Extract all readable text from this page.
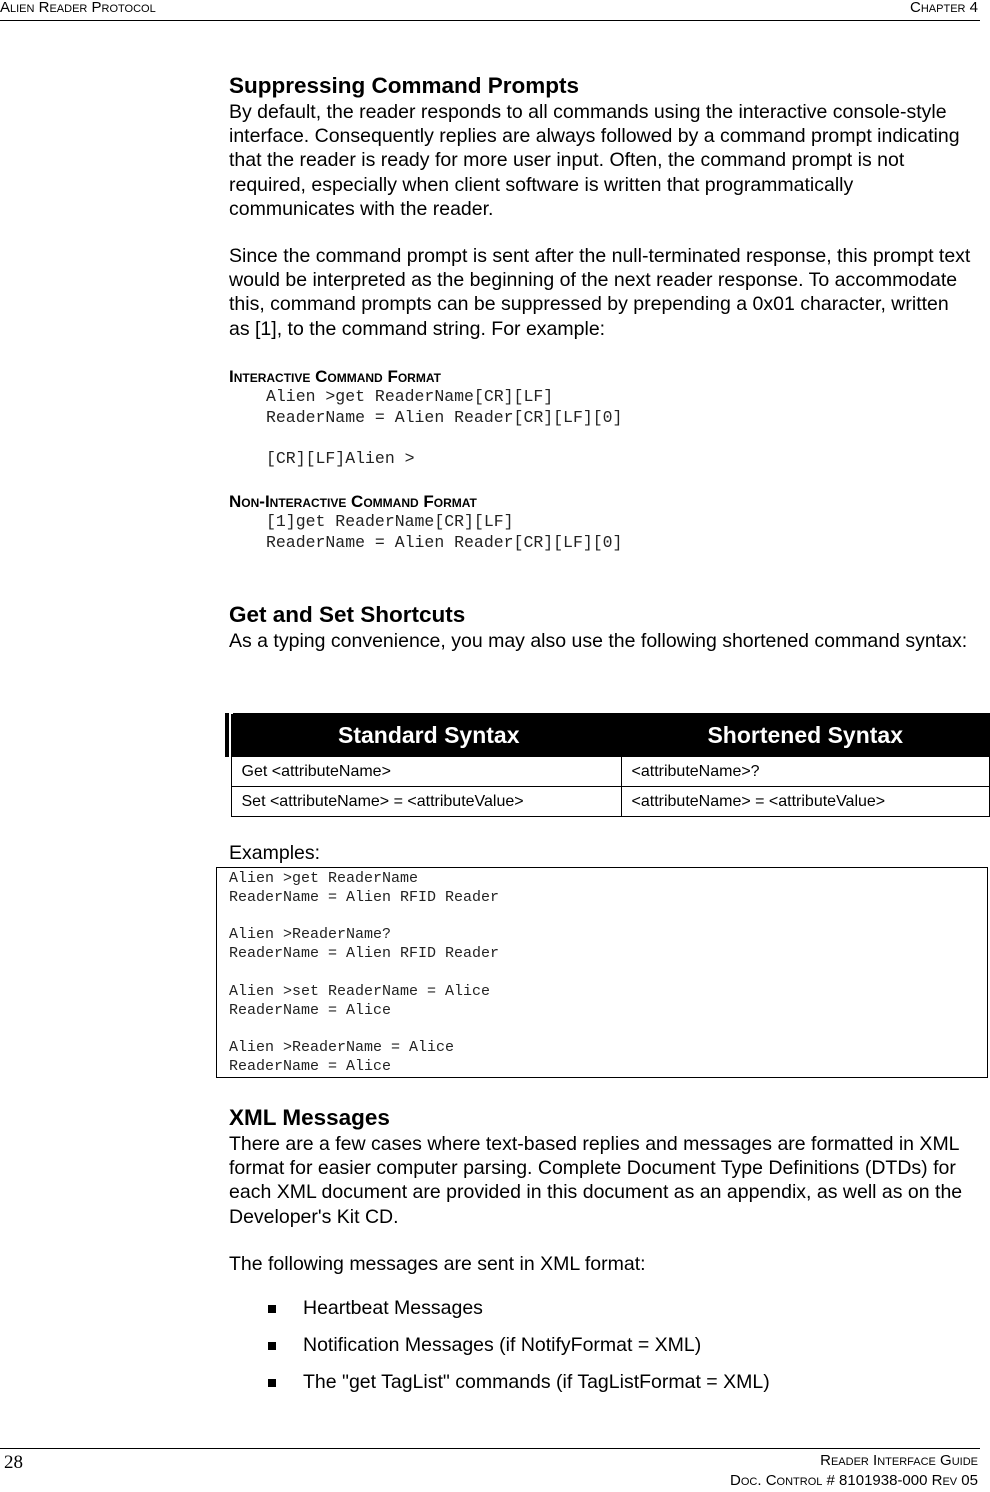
Alien Reader Protocol	Chapter 4
Suppressing Command Prompts

By default, the reader responds to all commands using the interactive console-style interface. Consequently replies are always followed by a command prompt indicating that the reader is ready for more user input. Often, the command prompt is not required, especially when client software is written that programmatically communicates with the reader.

Since the command prompt is sent after the null-terminated response, this prompt text would be interpreted as the beginning of the next reader response. To accommodate this, command prompts can be suppressed by prepending a 0x01 character, written as [1], to the command string. For example:

Interactive Command Format
Alien >get ReaderName[CR][LF]
ReaderName = Alien Reader[CR][LF][0]

[CR][LF]Alien >
Non-Interactive Command Format
[1]get ReaderName[CR][LF]
ReaderName = Alien Reader[CR][LF][0]
Get and Set Shortcuts

As a typing convenience, you may also use the following shortened command syntax:

Standard Syntax	Shortened Syntax
Get <attributeName>	<attributeName>?
Set <attributeName> = <attributeValue>	<attributeName> = <attributeValue>
Examples:
Alien >get ReaderName
ReaderName = Alien RFID Reader

Alien >ReaderName?
ReaderName = Alien RFID Reader

Alien >set ReaderName = Alice
ReaderName = Alice

Alien >ReaderName = Alice
ReaderName = Alice
XML Messages

There are a few cases where text-based replies and messages are formatted in XML format for easier computer parsing. Complete Document Type Definitions (DTDs) for each XML document are provided in this document as an appendix, as well as on the Developer's Kit CD.

The following messages are sent in XML format:

Heartbeat Messages
Notification Messages (if NotifyFormat = XML)
The "get TagList" commands (if TagListFormat = XML)
28	Reader Interface Guide
Doc. Control # 8101938-000 Rev 05
